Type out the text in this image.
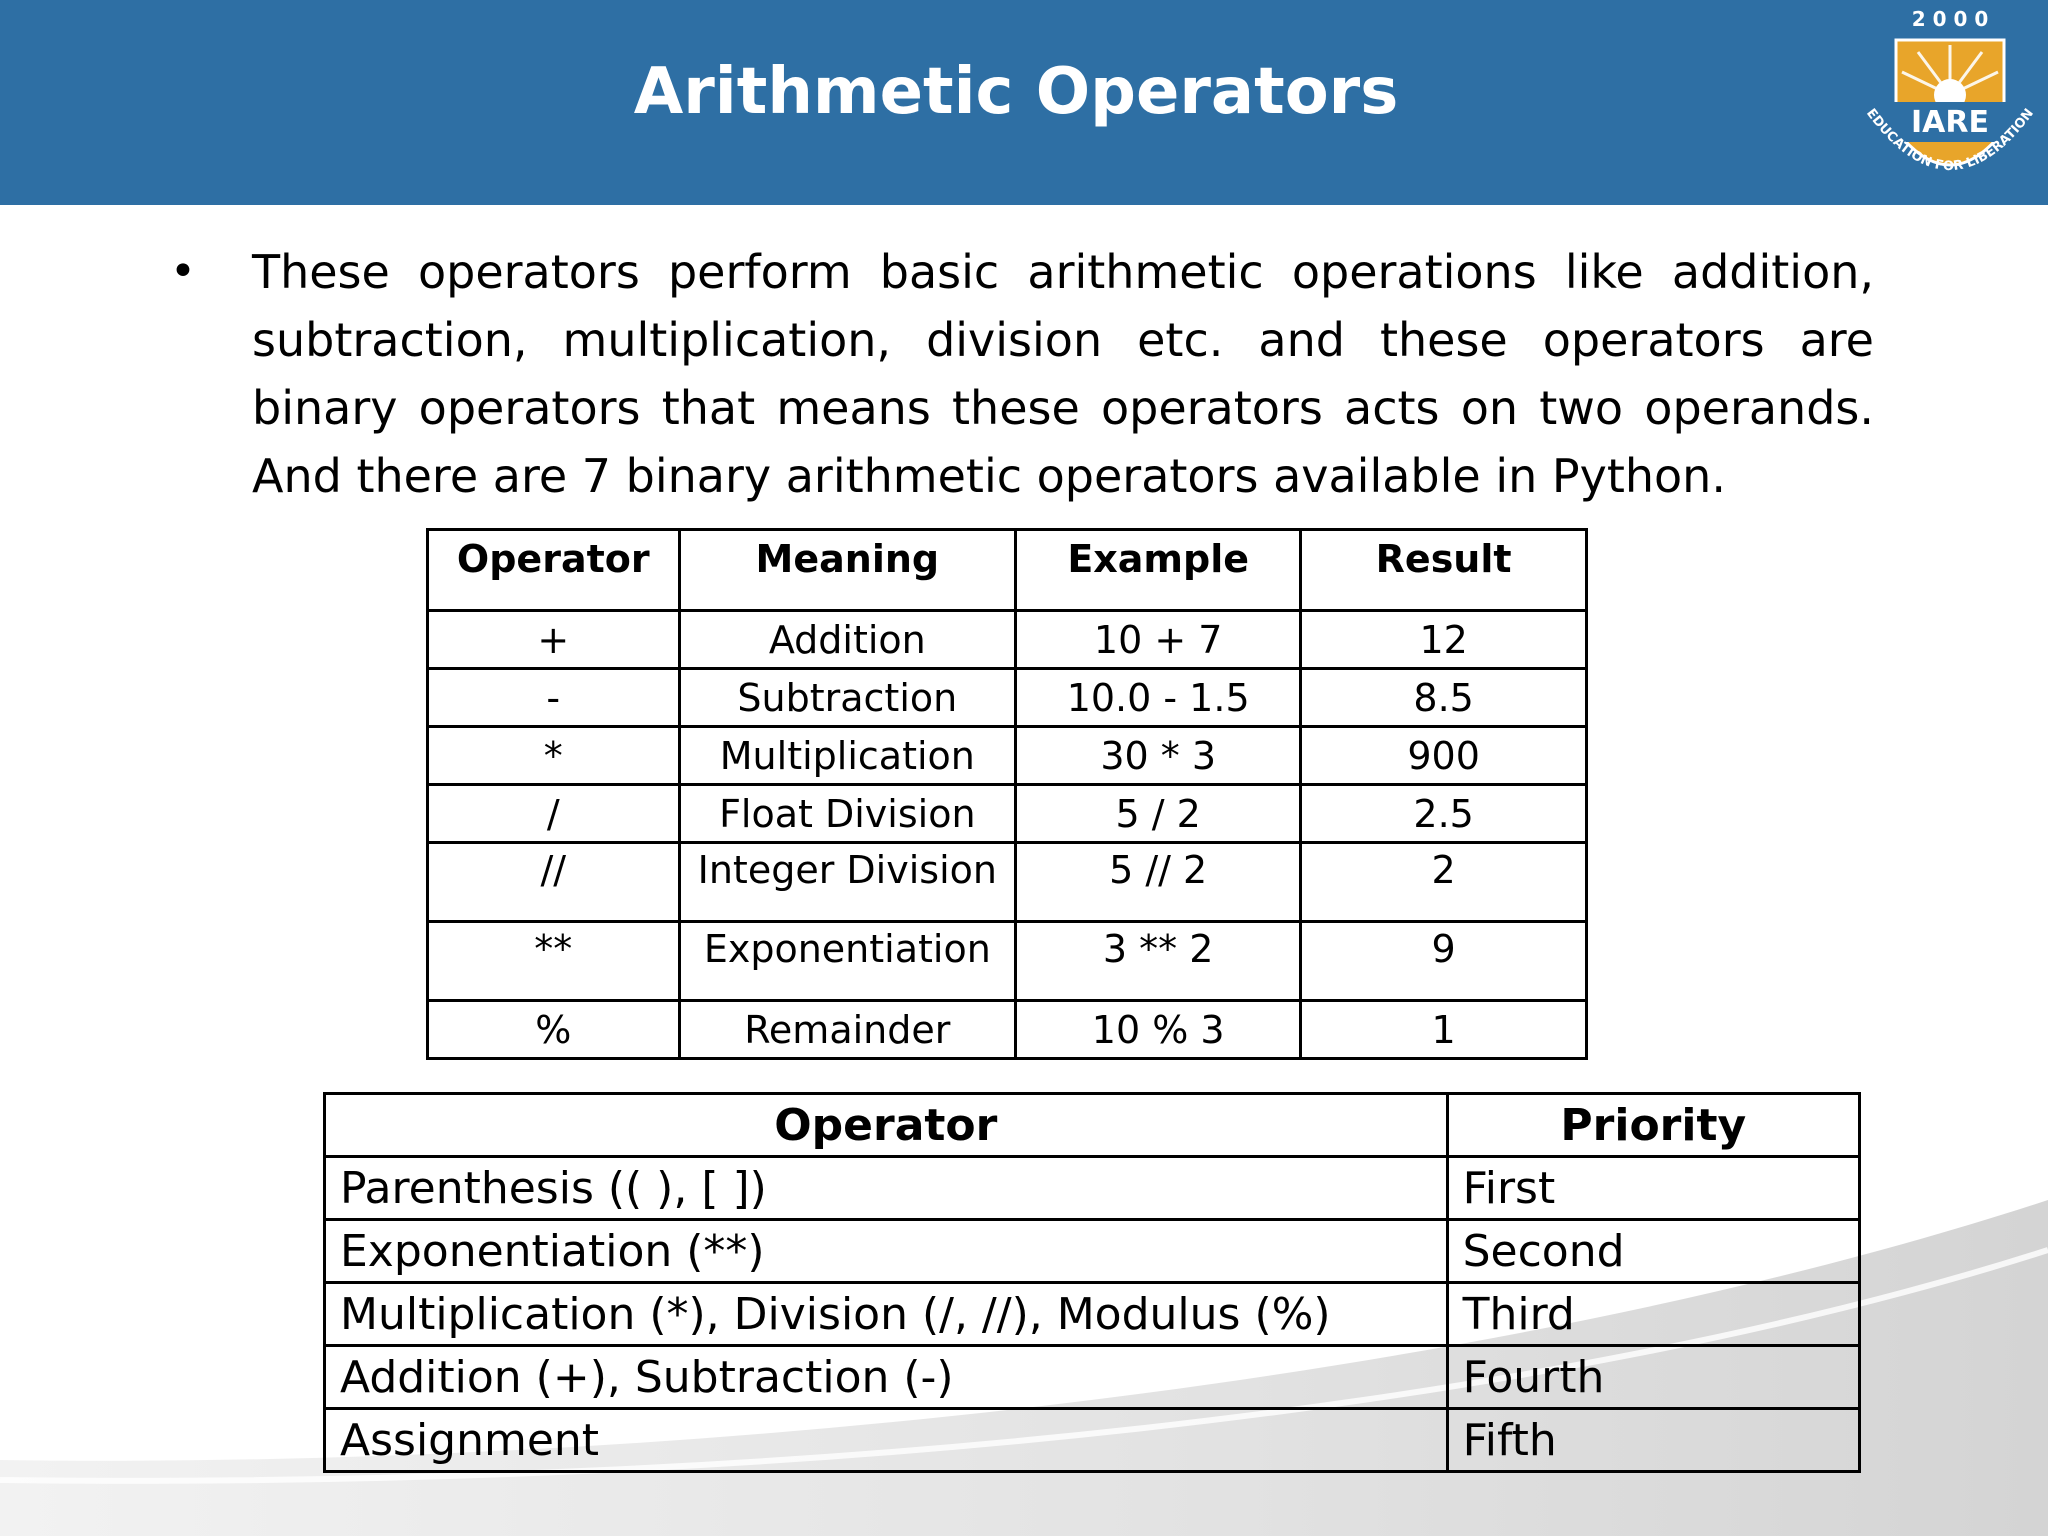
Arithmetic Operators
2 0 0 0
IARE
EDUCATION FOR LIBERATION
• These operators perform basic arithmetic operations like addition, subtraction, multiplication, division etc. and these operators are binary operators that means these operators acts on two operands. And there are 7 binary arithmetic operators available in Python.
Operator	Meaning	Example	Result
+	Addition	10 + 7	12
-	Subtraction	10.0 - 1.5	8.5
*	Multiplication	30 * 3	900
/	Float Division	5 / 2	2.5
//	Integer Division	5 // 2	2
**	Exponentiation	3 ** 2	9
%	Remainder	10 % 3	1
Operator	Priority
Parenthesis (( ), [ ])	First
Exponentiation (**)	Second
Multiplication (*), Division (/, //), Modulus (%)	Third
Addition (+), Subtraction (-)	Fourth
Assignment	Fifth
